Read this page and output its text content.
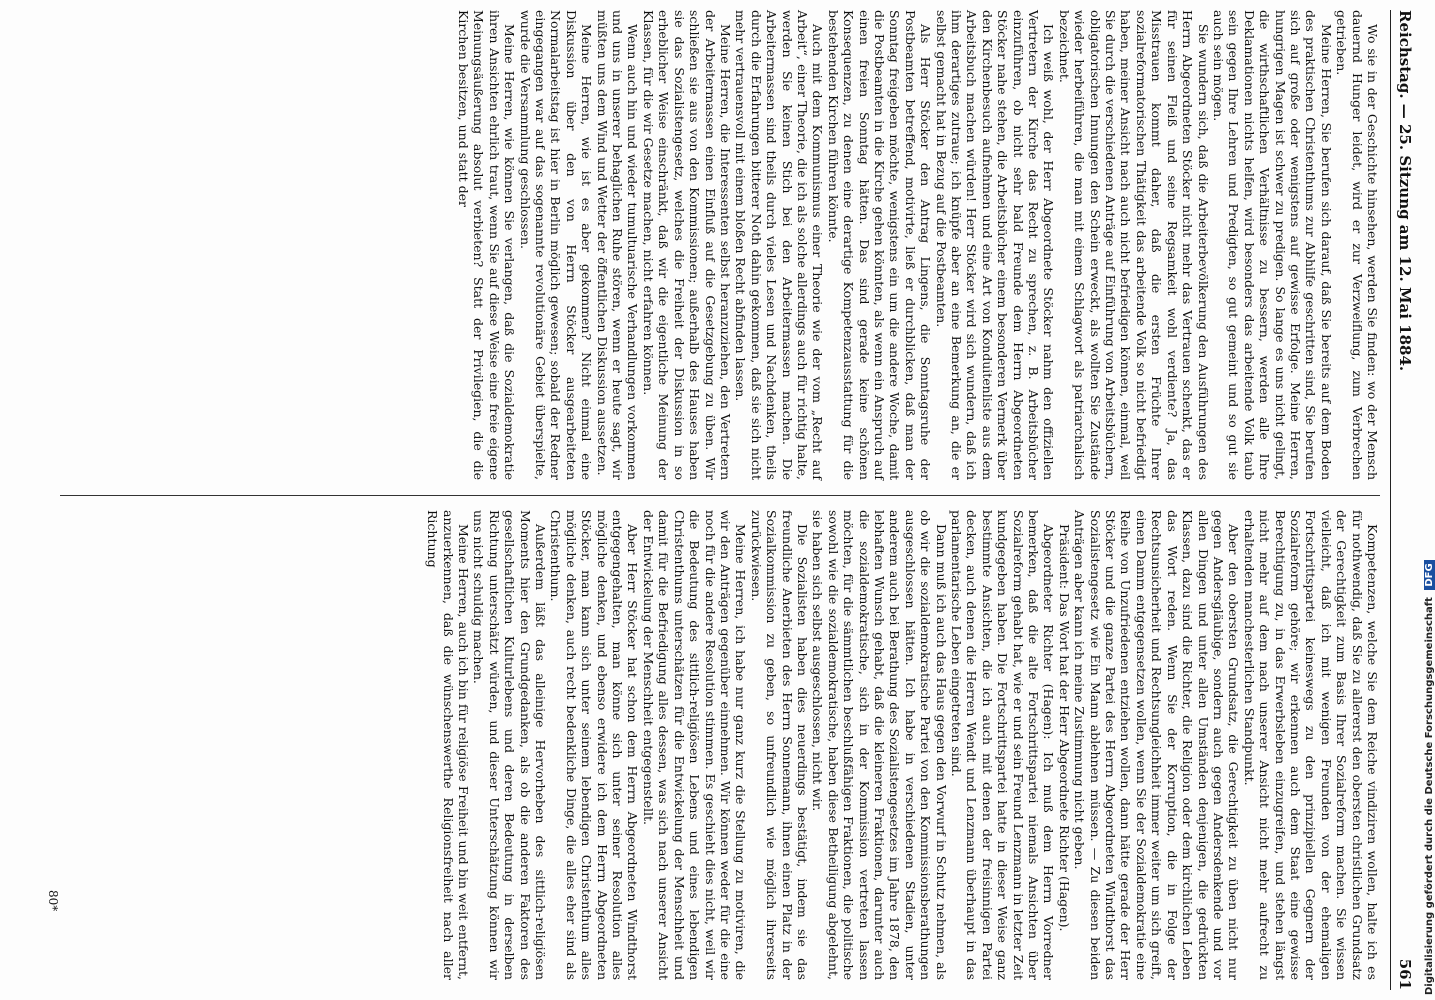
Reichstag. — 25. Sitzung am 12. Mai 1884.
561

Wo sie in der Geschichte hinsehen, werden Sie finden: wo der Mensch dauernd Hunger leidet, wird er zur Verzweiflung, zum Verbrechen getrieben.

Meine Herren, Sie berufen sich darauf, daß Sie bereits auf dem Boden des praktischen Christenthums zur Abhilfe geschritten sind, Sie berufen sich auf große oder wenigstens auf gewisse Erfolge. Meine Herren, hungrigen Magen ist schwer zu predigen. So lange es uns nicht gelingt, die wirthschaftlichen Verhältnisse zu bessern, werden alle Ihre Deklamationen nichts helfen, wird besonders das arbeitende Volk taub sein gegen Ihre Lehren und Predigten, so gut gemeint und so gut sie auch sein mögen.

Sie wundern sich, daß die Arbeiterbevölkerung den Ausführungen des Herrn Abgeordneten Stöcker nicht mehr das Vertrauen schenkt, das er für seinen Fleiß und seine Regsamkeit wohl verdiente? Ja, das Misstrauen kommt daher, daß die ersten Früchte Ihrer sozialreformatorischen Thätigkeit das arbeitende Volk so nicht befriedigt haben, meiner Ansicht nach auch nicht befriedigen können, einmal, weil Sie durch die verschiedenen Anträge auf Einführung von Arbeitsbüchern, obligatorischen Innungen den Schein erweckt, als wollten Sie Zustände wieder herbeiführen, die man mit einem Schlagwort als patriarchalisch bezeichnet.

Ich weiß wohl, der Herr Abgeordnete Stöcker nahm den offiziellen Vertretern der Kirche das Recht zu sprechen, z. B. Arbeitsbücher einzuführen, ob nicht sehr bald Freunde dem Herrn Abgeordneten Stöcker nahe stehen, die Arbeitsbücher einem besonderen Vermerk über den Kirchenbesuch aufnehmen und eine Art von Konduitenliste aus dem Arbeitsbuch machen würden! Herr Stöcker wird sich wundern, daß ich ihm derartiges zutraue; ich knüpfe aber an eine Bemerkung an, die er selbst gemacht hat in Bezug auf die Postbeamten.

Als Herr Stöcker den Antrag Lingens, die Sonntagsruhe der Postbeamten betreffend, motivirte, ließ er durchblicken, daß man der Sonntag freigeben möchte, wenigstens ein um die andere Woche, damit die Postbeamten in die Kirche gehen könnten, als wenn ein Anspruch auf einen freien Sonntag hätten. Das sind gerade keine schönen Konsequenzen, zu denen eine derartige Kompetenzausstattung für die bestehenden Kirchen führen könnte.

Auch mit dem Kommunismus einer Theorie wie der vom „Recht auf Arbeit“, einer Theorie, die ich als solche allerdings auch für richtig halte, werden Sie keinen Stich bei den Arbeitermassen machen. Die Arbeitermassen sind theils durch vieles Lesen und Nachdenken, theils durch die Erfahrungen bitterer Noth dahin gekommen, daß sie sich nicht mehr vertrauensvoll mit einem bloßen Recht abfinden lassen.

Meine Herren, die Interessenten selbst heranzuziehen, den Vertretern der Arbeitermassen einen Einfluß auf die Gesetzgebung zu üben. Wir schließen sie aus von den Kommissionen; außerhalb des Hauses haben sie das Sozialistengesetz, welches die Freiheit der Diskussion in so erheblicher Weise einschränkt, daß wir die eigentliche Meinung der Klassen, für die wir Gesetze machen, nicht erfahren können.

Wenn auch hin und wieder tumultuarische Verhandlungen vorkommen und uns in unserer behaglichen Ruhe stören, wenn er heute sagt, wir müßten uns dem Wind und Wetter der öffentlichen Diskussion aussetzen.

Meine Herren, wie ist es aber gekommen? Nicht einmal eine Diskussion über den von Herrn Stöcker ausgearbeiteten Normalarbeitstag ist hier in Berlin möglich gewesen; sobald der Redner eingegangen war auf das sogenannte revolutionäre Gebiet überspielte, wurde die Versammlung geschlossen.

Meine Herren, wie können Sie verlangen, daß die Sozialdemokratie ihren Ansichten ehrlich traut, wenn Sie auf diese Weise eine freie eigene Meinungsäußerung absolut verbieten? Statt der Privilegien, die die Kirchen besitzen, und statt der

Kompetenzen, welche Sie dem Reiche vindiziren wollen, halte ich es für nothwendig, daß Sie zu allererst den obersten christlichen Grundsatz der Gerechtigkeit zum Basis Ihrer Sozialreform machen. Sie wissen vielleicht, daß ich mit wenigen Freunden von der ehemaligen Fortschrittspartei keineswegs zu den prinzipiellen Gegnern der Sozialreform gehöre; wir erkennen auch dem Staat eine gewisse Berechtigung zu, in das Erwerbsleben einzugreifen, und stehen längst nicht mehr auf dem nach unserer Ansicht nicht mehr aufrecht zu erhaltenden manchesterlichen Standpunkt.

Aber den obersten Grundsatz, die Gerechtigkeit zu üben nicht nur gegen Andersgläubige, sondern auch gegen Andersdenkende und vor allen Dingen und unter allen Umständen denjenigen, die gedrückten Klassen, dazu sind die Richter, die Religion oder dem kirchlichen Leben das Wort reden. Wenn Sie der Korruption, die in Folge der Rechtsunsicherheit und Rechtsungleichheit immer weiter um sich greift, einen Damm entgegensetzen wollen, wenn Sie der Sozialdemokratie eine Reihe von Unzufriedenen entziehen wollen, dann hätte gerade der Herr Stöcker und die ganze Partei des Herrn Abgeordneten Windthorst das Sozialistengesetz wie Ein Mann ablehnen müssen. — Zu diesen beiden Anträgen aber kann ich meine Zustimmung nicht geben.

Präsident: Das Wort hat der Herr Abgeordnete Richter (Hagen).

Abgeordneter Richter (Hagen): Ich muß dem Herrn Vorredner bemerken, daß die alte Fortschrittspartei niemals Ansichten über Sozialreform gehabt hat, wie er und sein Freund Lenzmann in letzter Zeit kundgegeben haben. Die Fortschrittspartei hatte in dieser Weise ganz bestimmte Ansichten, die ich auch mit denen der freisinnigen Partei decken, auch denen die Herren Wendt und Lenzmann überhaupt in das parlamentarische Leben eingetreten sind.

Dann muß ich auch das Haus gegen den Vorwurf in Schutz nehmen, als ob wir die sozialdemokratische Partei von den Kommissionsberathungen ausgeschlossen hätten. Ich habe in verschiedenen Stadien, unter anderem auch bei Berathung des Sozialistengesetzes im Jahre 1878, den lebhaften Wunsch gehabt, daß die kleineren Fraktionen, darunter auch die sozialdemokratische, sich in der Kommission vertreten lassen möchten, für die sämmtlichen beschlußfähigen Fraktionen, die politische sowohl wie die sozialdemokratische, haben diese Betheiligung abgelehnt, sie haben sich selbst ausgeschlossen, nicht wir.

Die Sozialisten haben dies neuerdings bestätigt, indem sie das freundliche Anerbieten des Herrn Sonnemann, ihnen einen Platz in der Sozialkommission zu geben, so unfreundlich wie möglich ihrerseits zurückwiesen.

Meine Herren, ich habe nur ganz kurz die Stellung zu motiviren, die wir den Anträgen gegenüber einnehmen. Wir können weder für die eine noch für die andere Resolution stimmen. Es geschieht dies nicht, weil wir die Bedeutung des sittlich-religiösen Lebens und eines lebendigen Christenthums unterschätzen für die Entwickelung der Menschheit und damit für die Befriedigung alles dessen, was sich nach unserer Ansicht der Entwickelung der Menschheit entgegenstellt.

Aber Herr Stöcker hat schon dem Herrn Abgeordneten Windthorst entgegengehalten, man könne sich unter seiner Resolution alles mögliche denken, und ebenso erwidere ich dem Herrn Abgeordneten Stöcker, man kann sich unter seinem lebendigen Christenthum alles mögliche denken, auch recht bedenkliche Dinge, die alles eher sind als Christenthum.

Außerdem läßt das alleinige Hervorheben des sittlich-religiösen Moments hier den Grundgedanken, als ob die anderen Faktoren des gesellschaftlichen Kulturlebens und deren Bedeutung in derselben Richtung unterschätzt würden, und dieser Unterschätzung können wir uns nicht schuldig machen.

Meine Herren, auch ich bin für religiöse Freiheit und bin weit entfernt, anzuerkennen, daß die wünschenswerthe Religionsfreiheit nach aller Richtung

80*	Digitalisierung gefördert durch die Deutsche Forschungsgemeinschaft DFG
